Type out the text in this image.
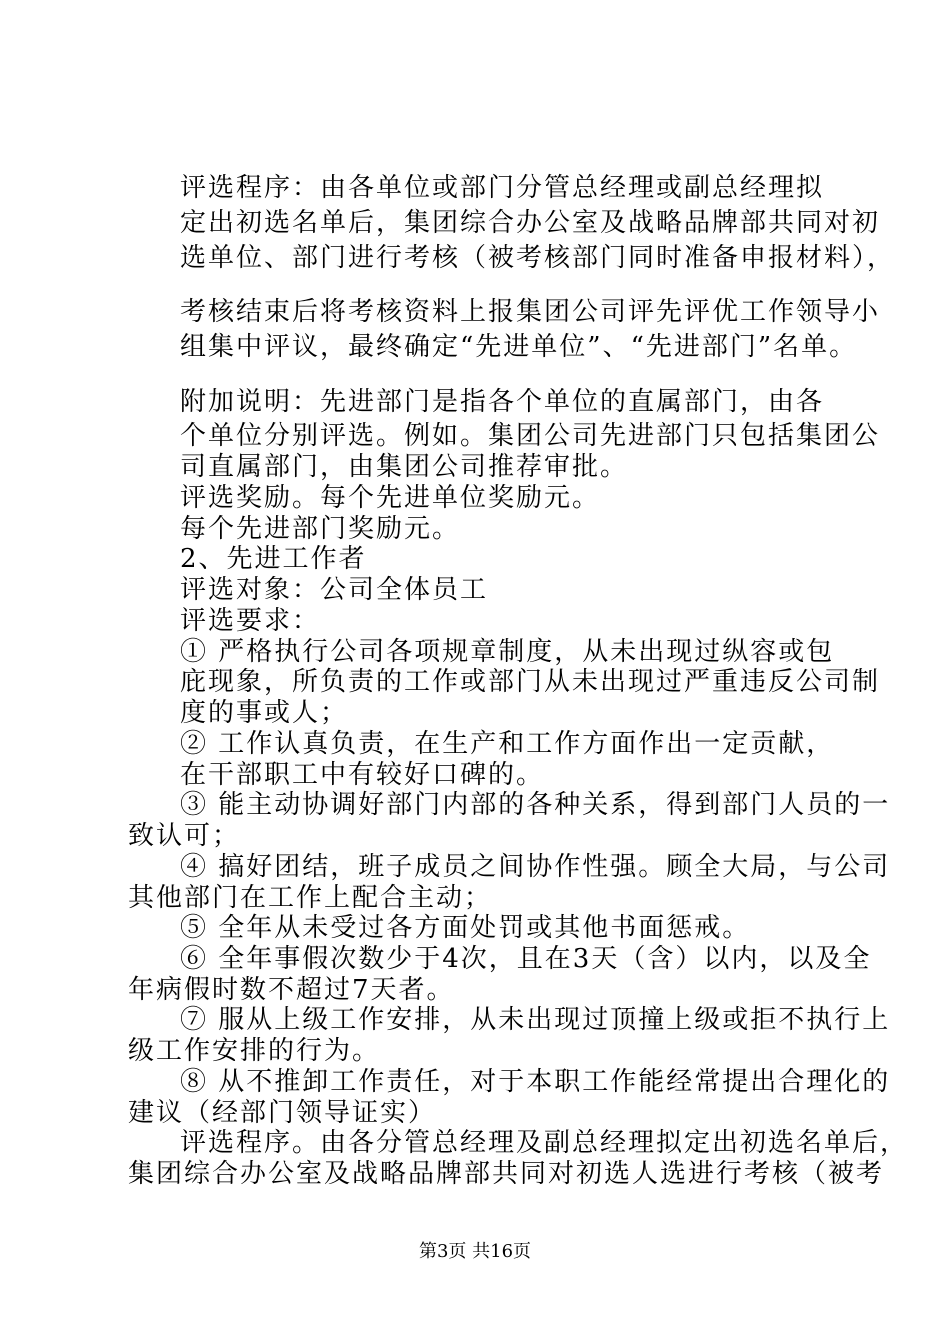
评选程序：由各单位或部门分管总经理或副总经理拟
定出初选名单后，集团综合办公室及战略品牌部共同对初
选单位、部门进行考核（被考核部门同时准备申报材料），
考核结束后将考核资料上报集团公司评先评优工作领导小
组集中评议，最终确定“先进单位”、“先进部门”名单。
附加说明：先进部门是指各个单位的直属部门，由各
个单位分别评选。例如。集团公司先进部门只包括集团公
司直属部门，由集团公司推荐审批。
评选奖励。每个先进单位奖励元。
每个先进部门奖励元。
2、先进工作者
评选对象：公司全体员工
评选要求：
① 严格执行公司各项规章制度，从未出现过纵容或包
庇现象，所负责的工作或部门从未出现过严重违反公司制
度的事或人；
② 工作认真负责，在生产和工作方面作出一定贡献，
在干部职工中有较好口碑的。
③ 能主动协调好部门内部的各种关系，得到部门人员的一
致认可；
④ 搞好团结，班子成员之间协作性强。顾全大局，与公司
其他部门在工作上配合主动；
⑤ 全年从未受过各方面处罚或其他书面惩戒。
⑥ 全年事假次数少于4次，且在3天（含）以内，以及全
年病假时数不超过7天者。
⑦ 服从上级工作安排，从未出现过顶撞上级或拒不执行上
级工作安排的行为。
⑧ 从不推卸工作责任，对于本职工作能经常提出合理化的
建议（经部门领导证实）
评选程序。由各分管总经理及副总经理拟定出初选名单后，
集团综合办公室及战略品牌部共同对初选人选进行考核（被考
第3页 共16页
